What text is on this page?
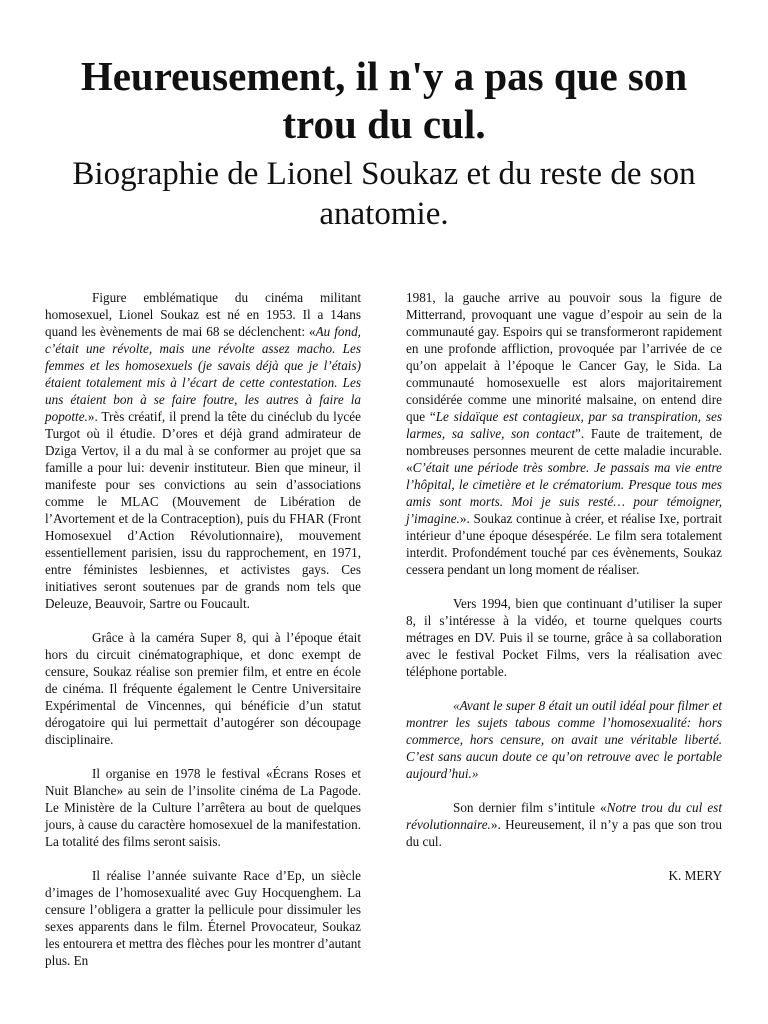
Heureusement, il n'y a pas que son trou du cul.
Biographie de Lionel Soukaz et du reste de son anatomie.

Figure emblématique du cinéma militant homosexuel, Lionel Soukaz est né en 1953. Il a 14ans quand les èvènements de mai 68 se déclenchent: «Au fond, c’était une révolte, mais une révolte assez macho. Les femmes et les homosexuels (je savais déjà que je l’étais) étaient totalement mis à l’écart de cette contestation. Les uns étaient bon à se faire foutre, les autres à faire la popotte.». Très créatif, il prend la tête du cinéclub du lycée Turgot où il étudie. D’ores et déjà grand admirateur de Dziga Vertov, il a du mal à se conformer au projet que sa famille a pour lui: devenir instituteur. Bien que mineur, il manifeste pour ses convictions au sein d’associations comme le MLAC (Mouvement de Libération de l’Avortement et de la Contraception), puis du FHAR (Front Homosexuel d’Action Révolutionnaire), mouvement essentiellement parisien, issu du rapprochement, en 1971, entre féministes lesbiennes, et activistes gays. Ces initiatives seront soutenues par de grands nom tels que Deleuze, Beauvoir, Sartre ou Foucault.

Grâce à la caméra Super 8, qui à l’époque était hors du circuit cinématographique, et donc exempt de censure, Soukaz réalise son premier film, et entre en école de cinéma. Il fréquente également le Centre Universitaire Expérimental de Vincennes, qui bénéficie d’un statut dérogatoire qui lui permettait d’autogérer son découpage disciplinaire.

Il organise en 1978 le festival «Écrans Roses et Nuit Blanche» au sein de l’insolite cinéma de La Pagode. Le Ministère de la Culture l’arrêtera au bout de quelques jours, à cause du caractère homosexuel de la manifestation. La totalité des films seront saisis.

Il réalise l’année suivante Race d’Ep, un siècle d’images de l’homosexualité avec Guy Hocquenghem. La censure l’obligera a gratter la pellicule pour dissimuler les sexes apparents dans le film. Éternel Provocateur, Soukaz les entourera et mettra des flèches pour les montrer d’autant plus. En

1981, la gauche arrive au pouvoir sous la figure de Mitterrand, provoquant une vague d’espoir au sein de la communauté gay. Espoirs qui se transformeront rapidement en une profonde affliction, provoquée par l’arrivée de ce qu’on appelait à l’époque le Cancer Gay, le Sida. La communauté homosexuelle est alors majoritairement considérée comme une minorité malsaine, on entend dire que “Le sidaïque est contagieux, par sa transpiration, ses larmes, sa salive, son contact”. Faute de traitement, de nombreuses personnes meurent de cette maladie incurable. «C’était une période très sombre. Je passais ma vie entre l’hôpital, le cimetière et le crématorium. Presque tous mes amis sont morts. Moi je suis resté… pour témoigner, j’imagine.». Soukaz continue à créer, et réalise Ixe, portrait intérieur d’une époque désespérée. Le film sera totalement interdit. Profondément touché par ces évènements, Soukaz cessera pendant un long moment de réaliser.

Vers 1994, bien que continuant d’utiliser la super 8, il s’intéresse à la vidéo, et tourne quelques courts métrages en DV. Puis il se tourne, grâce à sa collaboration avec le festival Pocket Films, vers la réalisation avec téléphone portable.

«Avant le super 8 était un outil idéal pour filmer et montrer les sujets tabous comme l’homosexualité: hors commerce, hors censure, on avait une véritable liberté. C’est sans aucun doute ce qu’on retrouve avec le portable aujourd’hui.»

Son dernier film s’intitule «Notre trou du cul est révolutionnaire.». Heureusement, il n’y a pas que son trou du cul.

K. MERY
